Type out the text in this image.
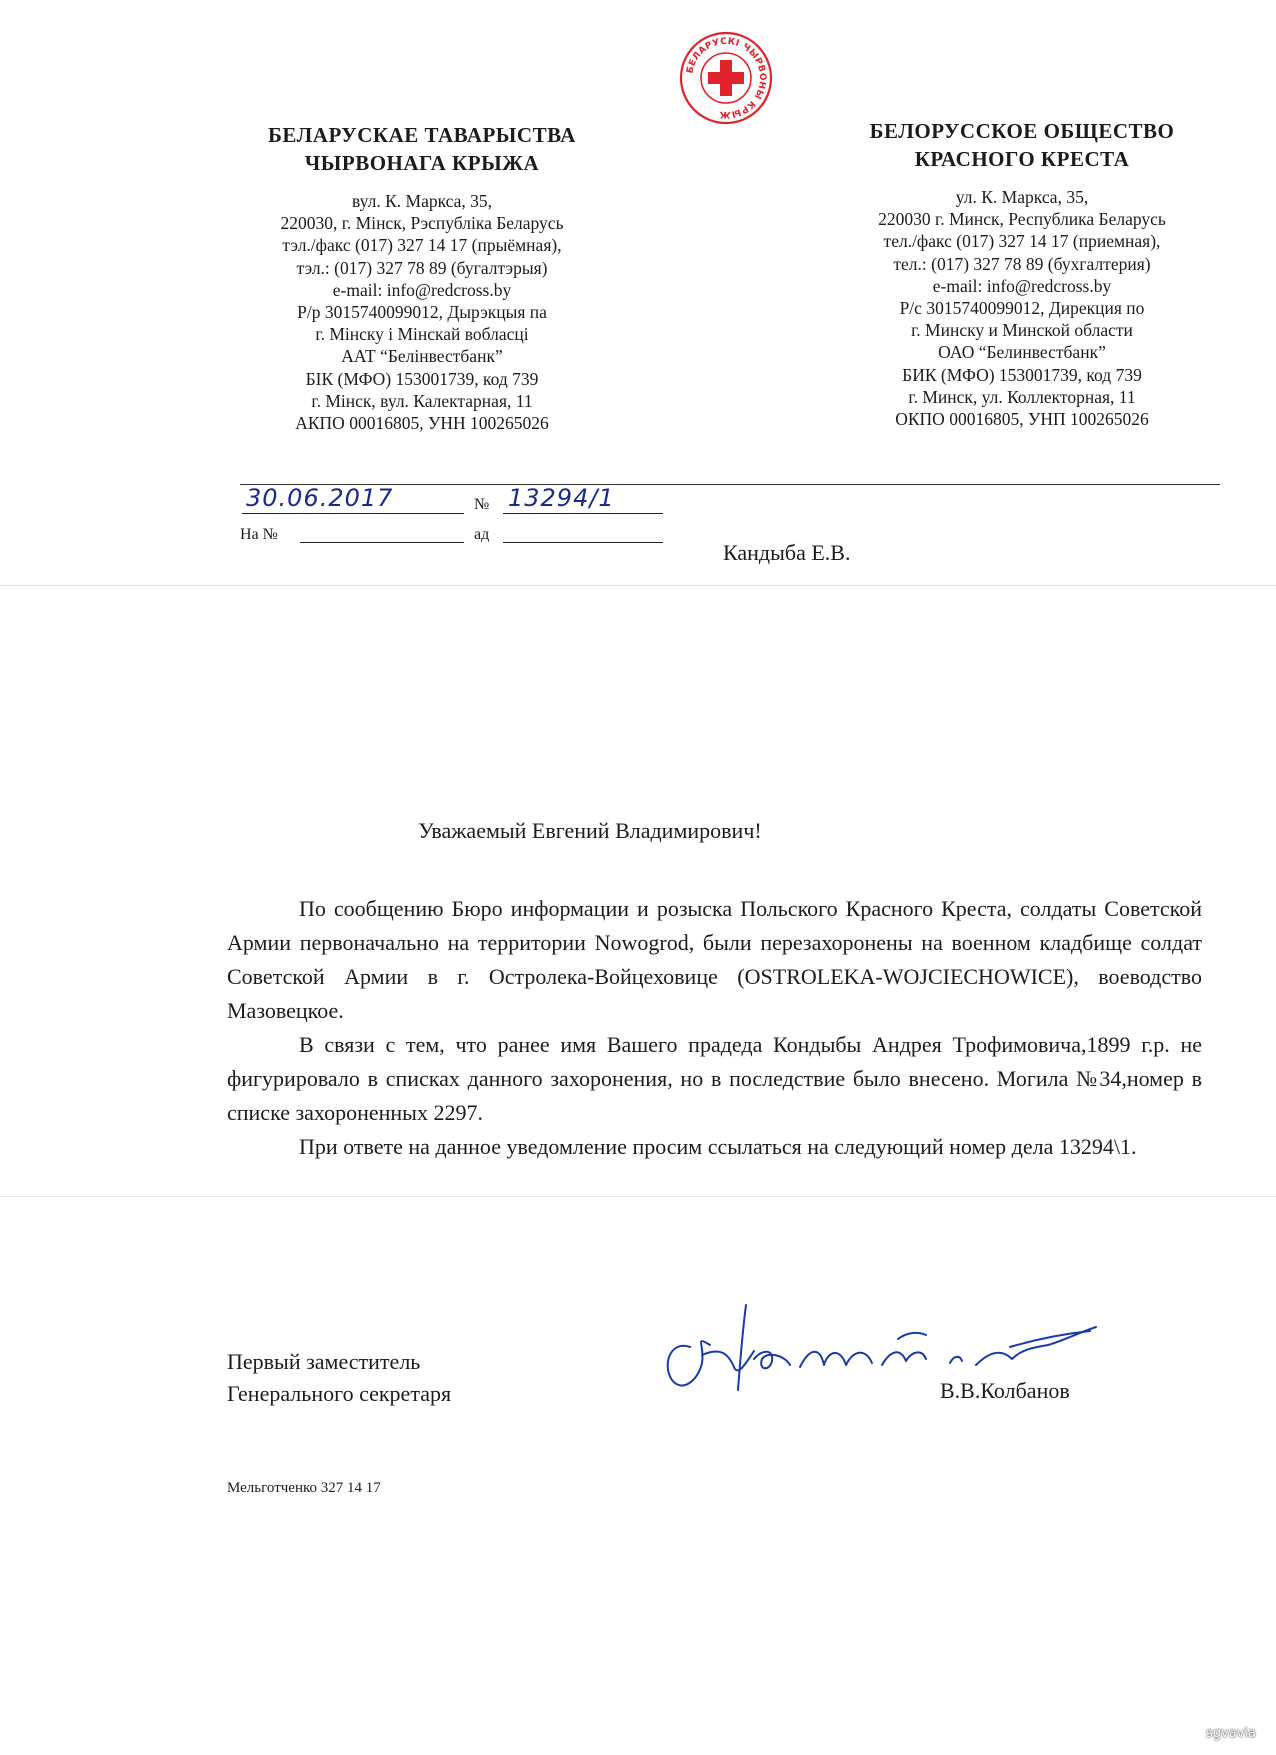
БЕЛАРУСКІ ЧЫРВОНЫ КРЫЖ
БЕЛАРУСКАЕ ТАВАРЫСТВА
ЧЫРВОНАГА КРЫЖА
вул. К. Маркса, 35,
220030, г. Мінск, Рэспубліка Беларусь
тэл./факс (017) 327 14 17 (прыёмная),
тэл.: (017) 327 78 89 (бугалтэрыя)
e-mail: info@redcross.by
Р/р 3015740099012, Дырэкцыя па
г. Мінску і Мінскай вобласці
ААТ “Белінвестбанк”
БІК (МФО) 153001739, код 739
г. Мінск, вул. Калектарная, 11
АКПО 00016805, УНН 100265026
БЕЛОРУССКОЕ ОБЩЕСТВО
КРАСНОГО КРЕСТА
ул. К. Маркса, 35,
220030 г. Минск, Республика Беларусь
тел./факс (017) 327 14 17 (приемная),
тел.: (017) 327 78 89 (бухгалтерия)
e-mail: info@redcross.by
Р/с 3015740099012, Дирекция по
г. Минску и Минской области
ОАО “Белинвестбанк”
БИК (МФО) 153001739, код 739
г. Минск, ул. Коллекторная, 11
ОКПО 00016805, УНП 100265026
30.06.2017	№ 13294/1
На №	ад
Кандыба Е.В.
Уважаемый Евгений Владимирович!

По сообщению Бюро информации и розыска Польского Красного Креста, солдаты Советской Армии первоначально на территории Nowogrod, были перезахоронены на военном кладбище солдат Советской Армии в г. Остролека-Войцеховице (OSTROLEKA-WOJCIECHOWICE), воеводство Мазовецкое.

В связи с тем, что ранее имя Вашего прадеда Кондыбы Андрея Трофимовича,1899 г.р. не фигурировало в списках данного захоронения, но в последствие было внесено. Могила №34,номер в списке захороненных 2297.

При ответе на данное уведомление просим ссылаться на следующий номер дела 13294\1.

Первый заместитель
Генерального секретаря	В.В.Колбанов
Мельготченко 327 14 17
sgvavia
